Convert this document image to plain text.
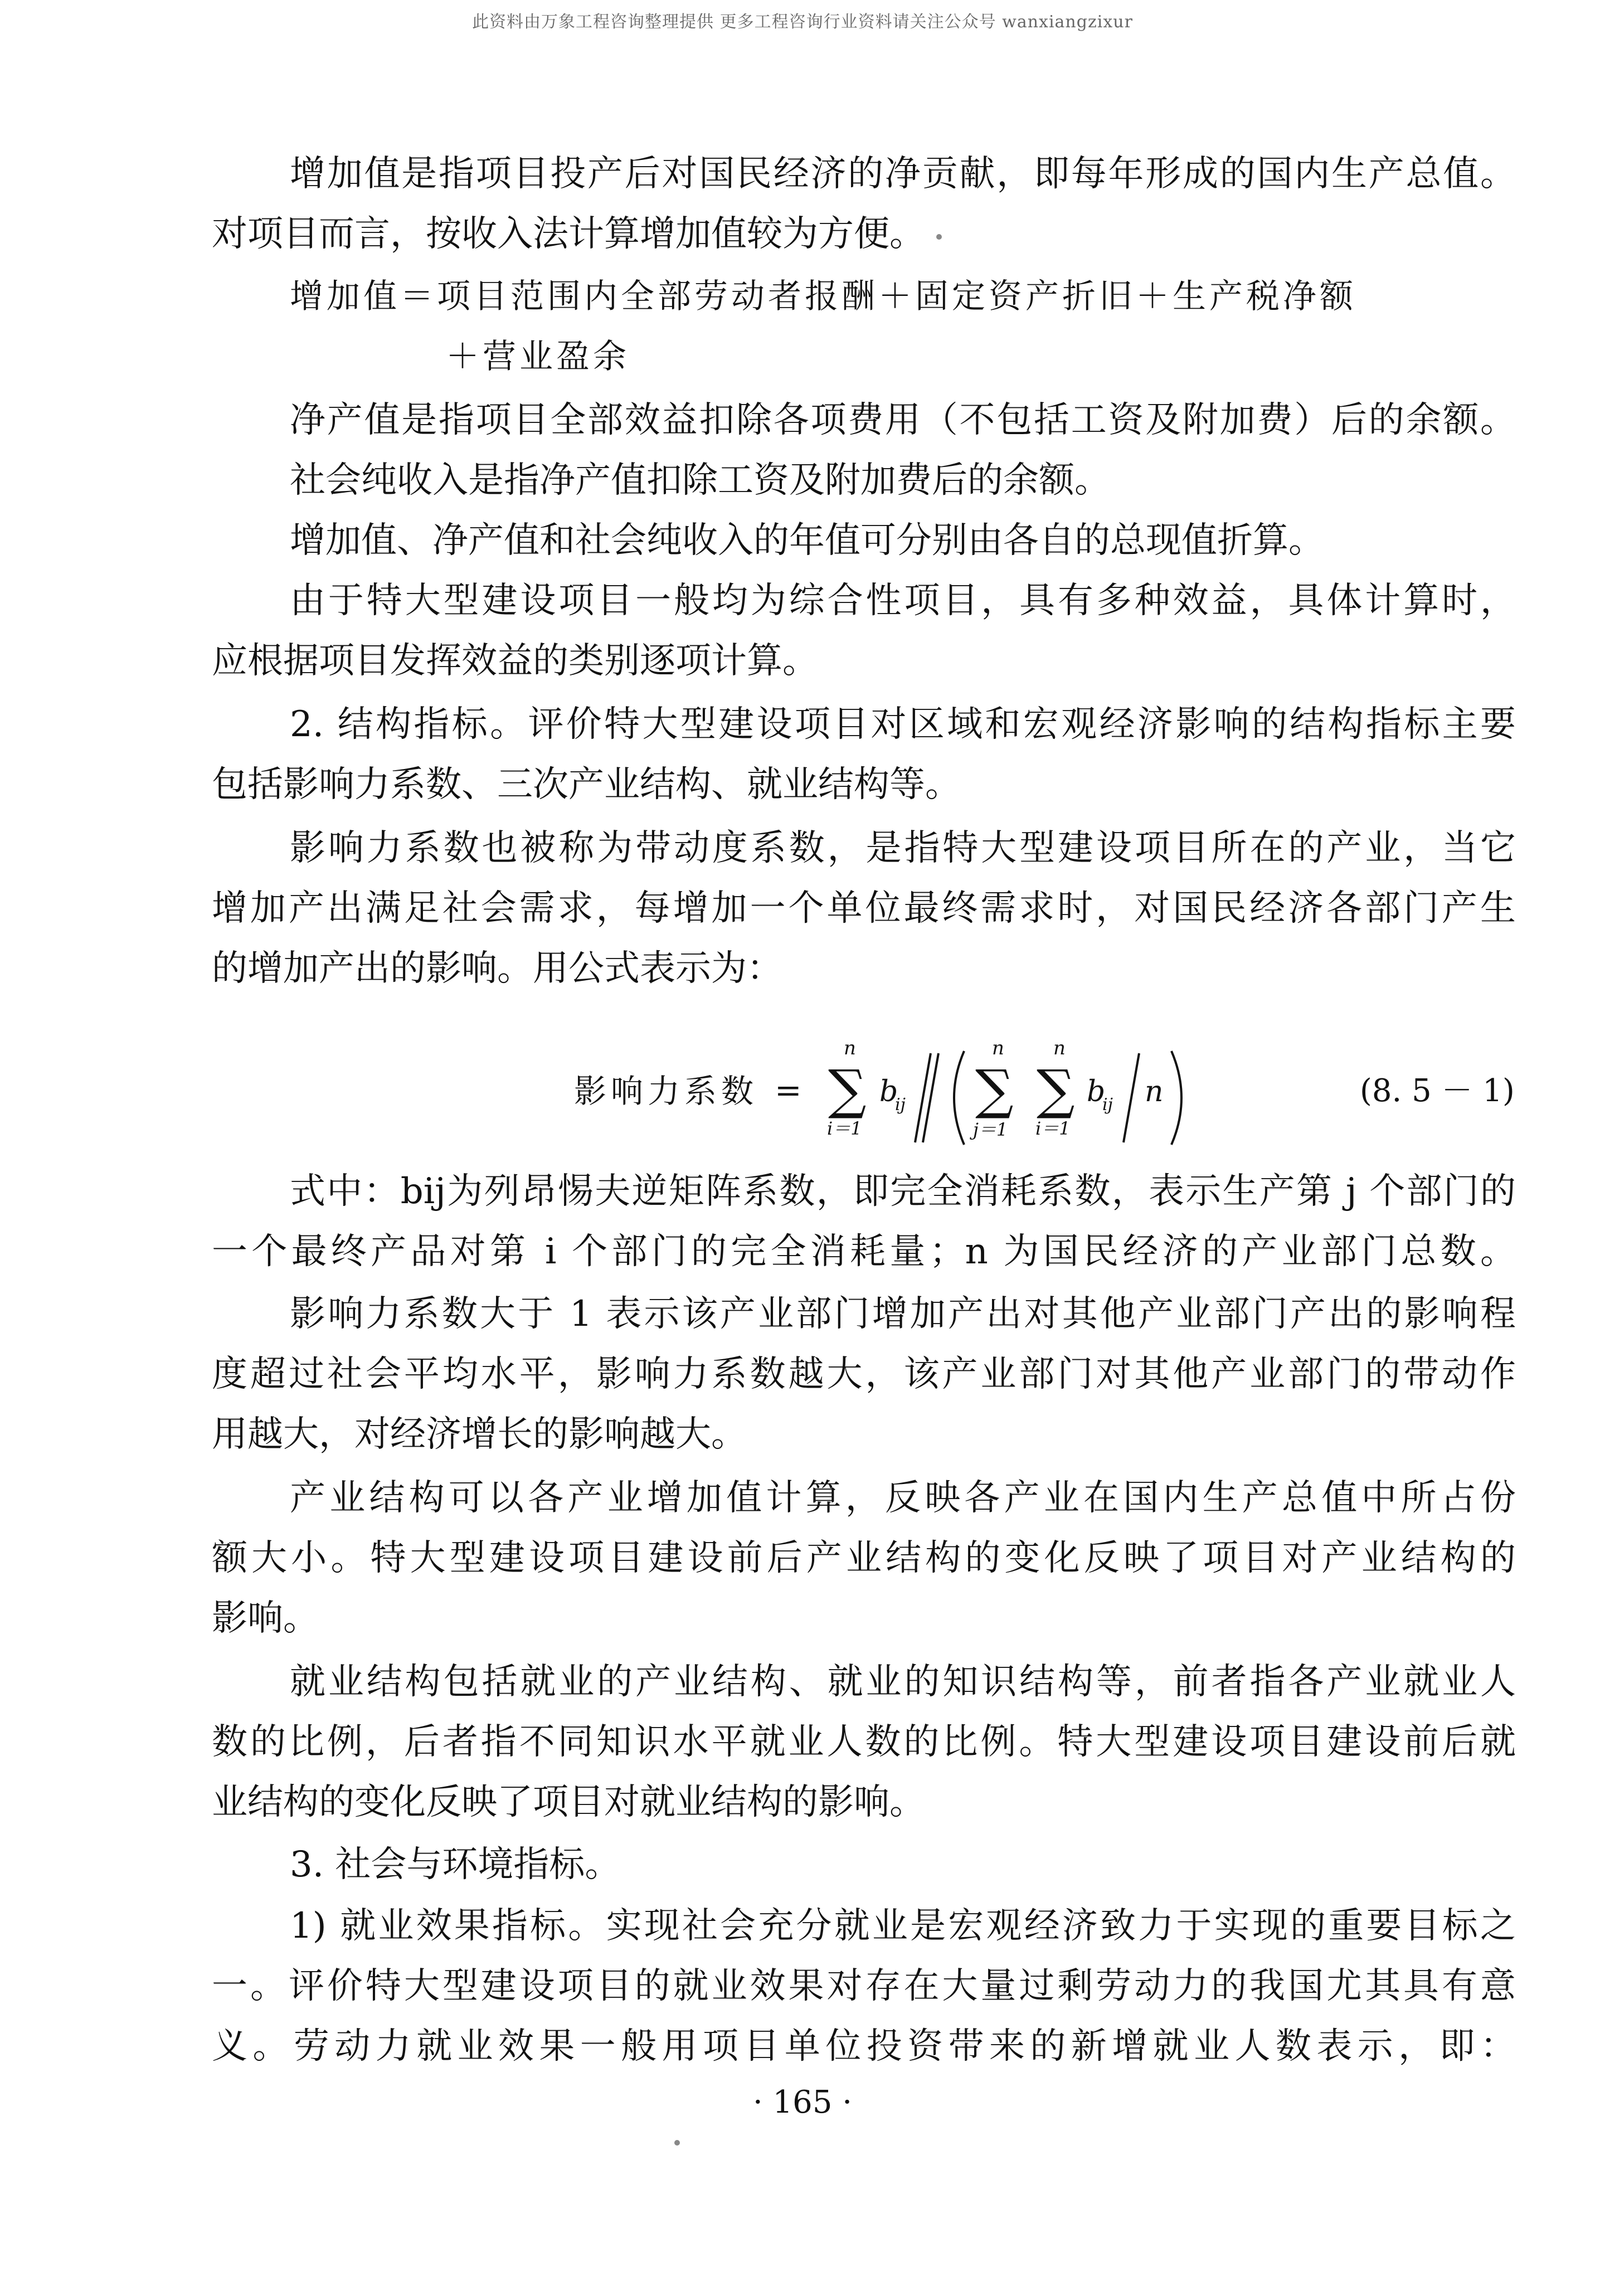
此资料由万象工程咨询整理提供 更多工程咨询行业资料请关注公众号 wanxiangzixur
增加值是指项目投产后对国民经济的净贡献，即每年形成的国内生产总值。
对项目而言，按收入法计算增加值较为方便。
增加值＝项目范围内全部劳动者报酬＋固定资产折旧＋生产税净额
＋营业盈余
净产值是指项目全部效益扣除各项费用（不包括工资及附加费）后的余额。
社会纯收入是指净产值扣除工资及附加费后的余额。
增加值、净产值和社会纯收入的年值可分别由各自的总现值折算。
由于特大型建设项目一般均为综合性项目，具有多种效益，具体计算时，
应根据项目发挥效益的类别逐项计算。
2. 结构指标。评价特大型建设项目对区域和宏观经济影响的结构指标主要
包括影响力系数、三次产业结构、就业结构等。
影响力系数也被称为带动度系数，是指特大型建设项目所在的产业，当它
增加产出满足社会需求，每增加一个单位最终需求时，对国民经济各部门产生
的增加产出的影响。用公式表示为：
影响力系数 =
n
∑
i＝1
b
ij
n
∑
j＝1
n
∑
i＝1
b
ij n	(8. 5 － 1)
式中：bij为列昂惕夫逆矩阵系数，即完全消耗系数，表示生产第 j 个部门的
一个最终产品对第 i 个部门的完全消耗量；n 为国民经济的产业部门总数。
影响力系数大于 1 表示该产业部门增加产出对其他产业部门产出的影响程
度超过社会平均水平，影响力系数越大，该产业部门对其他产业部门的带动作
用越大，对经济增长的影响越大。
产业结构可以各产业增加值计算，反映各产业在国内生产总值中所占份
额大小。特大型建设项目建设前后产业结构的变化反映了项目对产业结构的
影响。
就业结构包括就业的产业结构、就业的知识结构等，前者指各产业就业人
数的比例，后者指不同知识水平就业人数的比例。特大型建设项目建设前后就
业结构的变化反映了项目对就业结构的影响。
3. 社会与环境指标。
1) 就业效果指标。实现社会充分就业是宏观经济致力于实现的重要目标之
一。评价特大型建设项目的就业效果对存在大量过剩劳动力的我国尤其具有意
义。劳动力就业效果一般用项目单位投资带来的新增就业人数表示，即：
· 165 ·
